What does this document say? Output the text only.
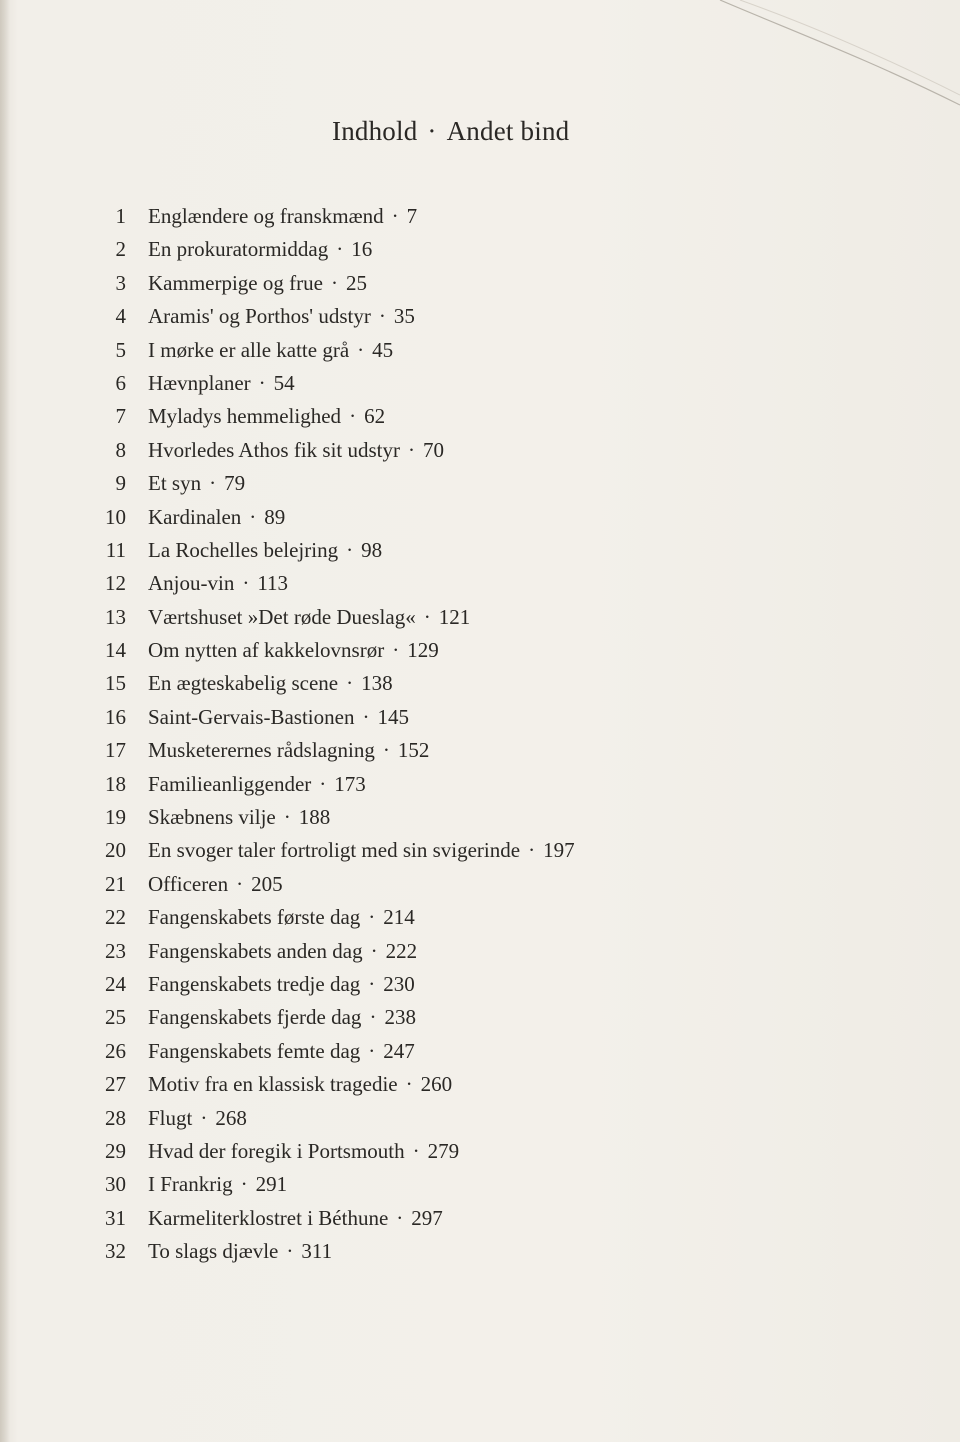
Indhold · Andet bind
1 Englændere og franskmænd · 7
2 En prokuratormiddag · 16
3 Kammerpige og frue · 25
4 Aramis' og Porthos' udstyr · 35
5 I mørke er alle katte grå · 45
6 Hævnplaner · 54
7 Myladys hemmelighed · 62
8 Hvorledes Athos fik sit udstyr · 70
9 Et syn · 79
10 Kardinalen · 89
11 La Rochelles belejring · 98
12 Anjou-vin · 113
13 Værtshuset »Det røde Dueslag« · 121
14 Om nytten af kakkelovnsrør · 129
15 En ægteskabelig scene · 138
16 Saint-Gervais-Bastionen · 145
17 Musketerernes rådslagning · 152
18 Familieanliggender · 173
19 Skæbnens vilje · 188
20 En svoger taler fortroligt med sin svigerinde · 197
21 Officeren · 205
22 Fangenskabets første dag · 214
23 Fangenskabets anden dag · 222
24 Fangenskabets tredje dag · 230
25 Fangenskabets fjerde dag · 238
26 Fangenskabets femte dag · 247
27 Motiv fra en klassisk tragedie · 260
28 Flugt · 268
29 Hvad der foregik i Portsmouth · 279
30 I Frankrig · 291
31 Karmeliterklostret i Béthune · 297
32 To slags djævle · 311
